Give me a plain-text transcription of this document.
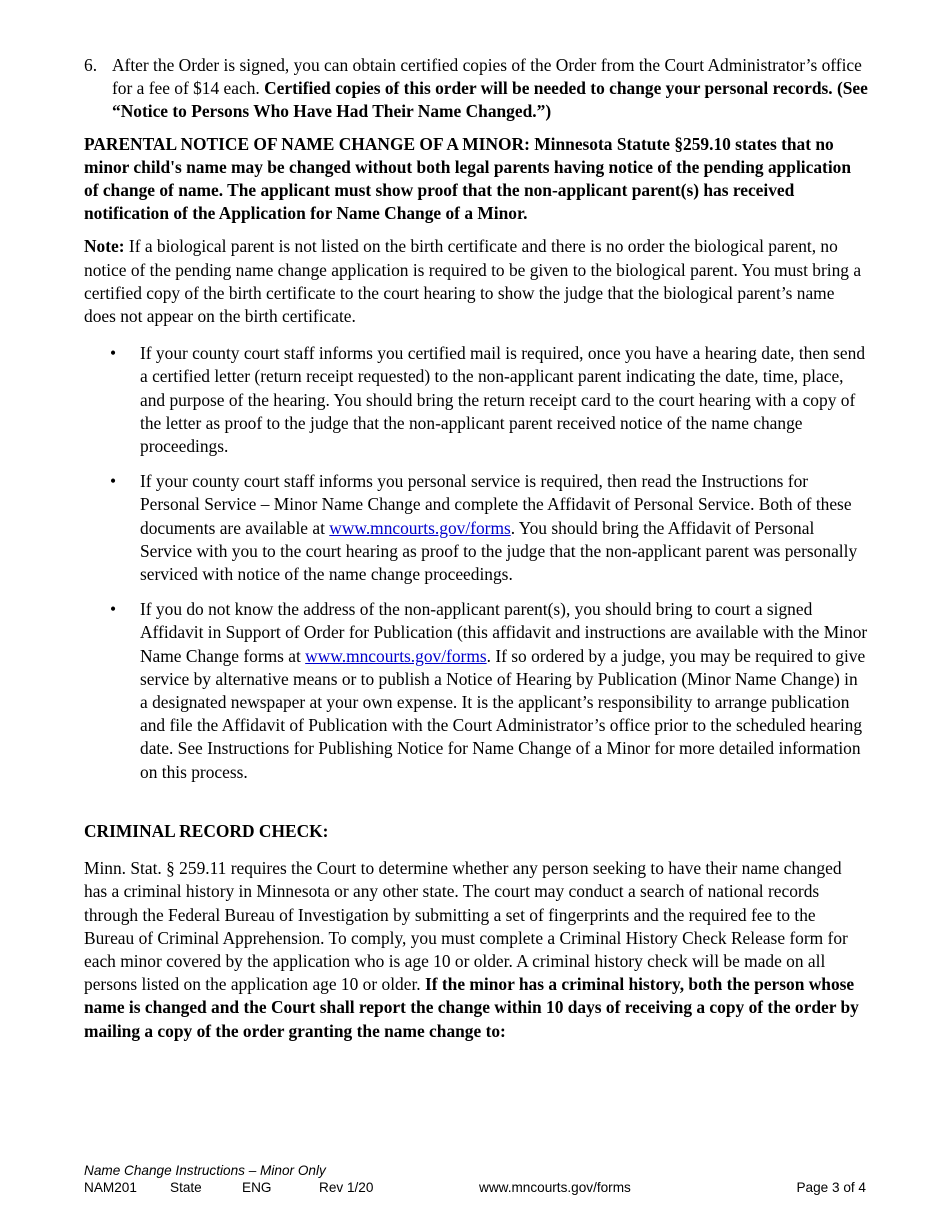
6. After the Order is signed, you can obtain certified copies of the Order from the Court Administrator’s office for a fee of $14 each. Certified copies of this order will be needed to change your personal records. (See “Notice to Persons Who Have Had Their Name Changed.”)

PARENTAL NOTICE OF NAME CHANGE OF A MINOR: Minnesota Statute §259.10 states that no minor child's name may be changed without both legal parents having notice of the pending application of change of name. The applicant must show proof that the non-applicant parent(s) has received notification of the Application for Name Change of a Minor.

Note: If a biological parent is not listed on the birth certificate and there is no order the biological parent, no notice of the pending name change application is required to be given to the biological parent. You must bring a certified copy of the birth certificate to the court hearing to show the judge that the biological parent’s name does not appear on the birth certificate.

•	If your county court staff informs you certified mail is required, once you have a hearing date, then send a certified letter (return receipt requested) to the non-applicant parent indicating the date, time, place, and purpose of the hearing. You should bring the return receipt card to the court hearing with a copy of the letter as proof to the judge that the non-applicant parent received notice of the name change proceedings.
•	If your county court staff informs you personal service is required, then read the Instructions for Personal Service – Minor Name Change and complete the Affidavit of Personal Service. Both of these documents are available at www.mncourts.gov/forms. You should bring the Affidavit of Personal Service with you to the court hearing as proof to the judge that the non-applicant parent was personally serviced with notice of the name change proceedings.
•	If you do not know the address of the non-applicant parent(s), you should bring to court a signed Affidavit in Support of Order for Publication (this affidavit and instructions are available with the Minor Name Change forms at www.mncourts.gov/forms. If so ordered by a judge, you may be required to give service by alternative means or to publish a Notice of Hearing by Publication (Minor Name Change) in a designated newspaper at your own expense. It is the applicant’s responsibility to arrange publication and file the Affidavit of Publication with the Court Administrator’s office prior to the scheduled hearing date. See Instructions for Publishing Notice for Name Change of a Minor for more detailed information on this process.
CRIMINAL RECORD CHECK:

Minn. Stat. § 259.11 requires the Court to determine whether any person seeking to have their name changed has a criminal history in Minnesota or any other state. The court may conduct a search of national records through the Federal Bureau of Investigation by submitting a set of fingerprints and the required fee to the Bureau of Criminal Apprehension. To comply, you must complete a Criminal History Check Release form for each minor covered by the application who is age 10 or older. A criminal history check will be made on all persons listed on the application age 10 or older. If the minor has a criminal history, both the person whose name is changed and the Court shall report the change within 10 days of receiving a copy of the order by mailing a copy of the order granting the name change to:

Name Change Instructions – Minor Only
NAM201 State	ENG	Rev 1/20	www.mncourts.gov/forms	Page 3 of 4
